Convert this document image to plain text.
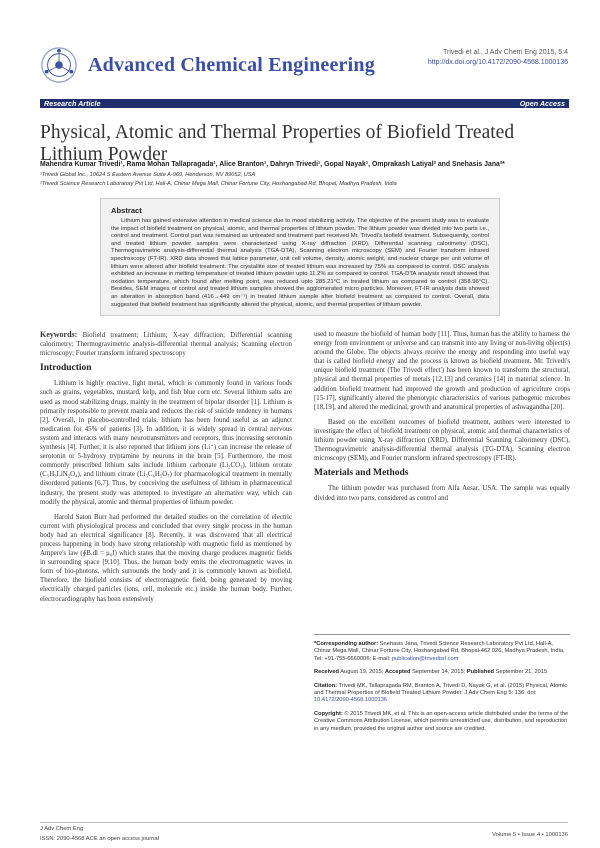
Advanced Chemical Engineering
Trivedi et al., J Adv Chem Eng 2015, 5:4
http://dx.doi.org/10.4172/2090-4568.1000136
Research Article	Open Access
Physical, Atomic and Thermal Properties of Biofield Treated Lithium Powder
Mahendra Kumar Trivedi¹, Rama Mohan Tallapragada¹, Alice Branton¹, Dahryn Trivedi¹, Gopal Nayak¹, Omprakash Latiyal² and Snehasis Jana²*
¹Trivedi Global Inc., 10624 S Eastern Avenue Suite A-969, Henderson, NV 89052, USA
²Trivedi Science Research Laboratory Pvt Ltd, Hall-A, Chinar Mega Mall, Chinar Fortune City, Hoshangabad Rd, Bhopal, Madhya Pradesh, India
Abstract
Lithium has gained extensive attention in medical science due to mood stabilizing activity. The objective of the present study was to evaluate the impact of biofield treatment on physical, atomic, and thermal properties of lithium powder. The lithium powder was divided into two parts i.e., control and treatment. Control part was remained as untreated and treatment part received Mr. Trivedi's biofield treatment. Subsequently, control and treated lithium powder samples were characterized using X-ray diffraction (XRD), Differential scanning calorimetry (DSC), Thermogravimetric analysis-differential thermal analysis (TGA-DTA), Scanning electron microscopy (SEM) and Fourier transform infrared spectroscopy (FT-IR). XRD data showed that lattice parameter, unit cell volume, density, atomic weight, and nuclear charge per unit volume of lithium were altered after biofield treatment. The crystallite size of treated lithium was increased by 75% as compared to control. DSC analysis exhibited an increase in melting temperature of treated lithium powder upto 11.2% as compared to control. TGA-DTA analysis result showed that oxidation temperature, which found after melting point, was reduced upto 285.21°C in treated lithium as compared to control (358.96°C). Besides, SEM images of control and treated lithium samples showed the agglomerated micro particles. Moreover, FT-IR analysis data showed an alteration in absorption band (416→449 cm⁻¹) in treated lithium sample after biofield treatment as compared to control. Overall, data suggested that biofield treatment has significantly altered the physical, atomic, and thermal properties of lithium powder.

Keywords: Biofield treatment; Lithium; X-ray diffraction; Differential scanning calorimetry; Thermogravimetric analysis-differential thermal analysis; Scanning electron microscopy; Fourier transform infrared spectroscopy

Introduction

Lithium is highly reactive, light metal, which is commonly found in various foods such as grains, vegetables, mustard, kelp, and fish blue corn etc. Several lithium salts are used as mood stabilizing drugs, mainly in the treatment of bipolar disorder [1]. Lithium is primarily responsible to prevent mania and reduces the risk of suicide tendency in humans [2]. Overall, in placebo-controlled trials, lithium has been found useful as an adjunct medication for 45% of patients [3]. In addition, it is widely spread in central nervous system and interacts with many neurotransmitters and receptors, thus increasing serotonin synthesis [4]. Further, it is also reported that lithium ions (Li⁺) can increase the release of serotonin or 5-hydroxy tryptamine by neurons in the brain [5]. Furthermore, the most commonly prescribed lithium salts include lithium carbonate (Li₂CO₃), lithium orotate (C₅H₃LiN₂O₄), and lithium citrate (Li₃C₆H₅O₇) for pharmacological treatment in mentally disordered patients [6,7]. Thus, by conceiving the usefulness of lithium in pharmaceutical industry, the present study was attempted to investigate an alternative way, which can modify the physical, atomic and thermal properties of lithium powder.

Harold Saton Burr had performed the detailed studies on the correlation of electric current with physiological process and concluded that every single process in the human body had an electrical significance [8]. Recently, it was discovered that all electrical process happening in body have strong relationship with magnetic field as mentioned by Ampere's law (∮B.dl = μ₀I) which states that the moving charge produces magnetic fields in surrounding space [9,10]. Thus, the human body emits the electromagnetic waves in form of bio-photons, which surrounds the body and it is commonly known as biofield. Therefore, the biofield consists of electromagnetic field, being generated by moving electrically charged particles (ions, cell, molecule etc.) inside the human body. Further, electrocardiography has been extensively

used to measure the biofield of human body [11]. Thus, human has the ability to harness the energy from environment or universe and can transmit into any living or non-living object(s) around the Globe. The objects always receive the energy and responding into useful way that is called biofield energy and the process is known as biofield treatment. Mr. Trivedi's unique biofield treatment (The Trivedi effect') has been known to transform the structural, physical and thermal properties of metals [12,13] and ceramics [14] in material science. In addition biofield treatment had improved the growth and production of agriculture crops [15-17], significantly altered the phenotypic characteristics of various pathogenic microbes [18,19], and altered the medicinal, growth and anatomical properties of ashwagandha [20].

Based on the excellent outcomes of biofield treatment, authors were interested to investigate the effect of biofield treatment on physical, atomic and thermal characteristics of lithium powder using X-ray diffraction (XRD), Differential Scanning Calorimetry (DSC), Thermogravimetric analysis-differential thermal analysis (TG-DTA), Scanning electron microscopy (SEM), and Fourier transform infrared spectroscopy (FT-IR).

Materials and Methods

The lithium powder was purchased from Alfa Aesar, USA. The sample was equally divided into two parts, considered as control and

*Corresponding author: Snehasis Jana, Trivedi Science Research Laboratory Pvt Ltd, Hall-A, Chinar Mega Mall, Chinar Fortune City, Hoshangabad Rd, Bhopal-462 026, Madhya Pradesh, India, Tel: +91-755-6660006; E-mail: publication@trivedisrl.com

Received August 19, 2015; Accepted September 14, 2015; Published September 21, 2015

Citation: Trivedi MK, Tallapragada RM, Branton A, Trivedi D, Nayak G, et al. (2015) Physical, Atomic and Thermal Properties of Biofield Treated Lithium Powder. J Adv Chem Eng 5: 136. doi: 10.4172/2090-4568.1000136

Copyright: © 2015 Trivedi MK, et al. This is an open-access article distributed under the terms of the Creative Commons Attribution License, which permits unrestricted use, distribution, and reproduction in any medium, provided the original author and source are credited.

J Adv Chem Eng
ISSN: 2090-4568 ACE an open access journal
Volume 5 • Issue 4 • 1000136
